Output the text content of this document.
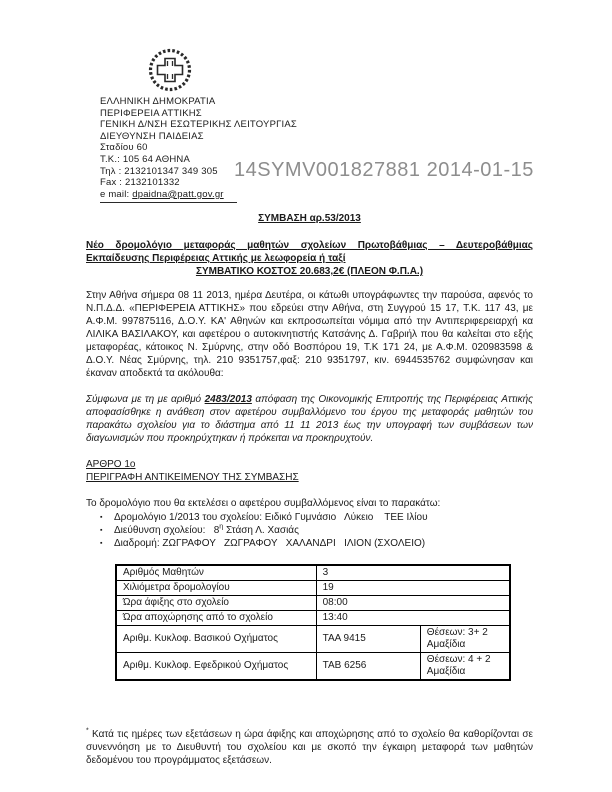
ΕΛΛΗΝΙΚΗ ΔΗΜΟΚΡΑΤΙΑ
ΠΕΡΙΦΕΡΕΙΑ ΑΤΤΙΚΗΣ
ΓΕΝΙΚΗ Δ/ΝΣΗ ΕΣΩΤΕΡΙΚΗΣ ΛΕΙΤΟΥΡΓΙΑΣ
ΔΙΕΥΘΥΝΣΗ ΠΑΙΔΕΙΑΣ
Σταδίου 60
Τ.Κ.: 105 64 ΑΘΗΝΑ
Τηλ : 2132101347 349 305
Fax : 2132101332
e mail: dpaidna@patt.gov.gr
14SYMV001827881 2014-01-15
ΣΥΜΒΑΣΗ αρ.53/2013
Νέο δρομολόγιο μεταφοράς μαθητών σχολείων Πρωτοβάθμιας – Δευτεροβάθμιας Εκπαίδευσης Περιφέρειας Αττικής με λεωφορεία ή ταξί
ΣΥΜΒΑΤΙΚΟ ΚΟΣΤΟΣ 20.683,2€ (ΠΛΕΟΝ Φ.Π.Α.)

Στην Αθήνα σήμερα 08 11 2013, ημέρα Δευτέρα, οι κάτωθι υπογράφωντες την παρούσα, αφενός το Ν.Π.Δ.Δ. «ΠΕΡΙΦΕΡΕΙΑ ΑΤΤΙΚΗΣ» που εδρεύει στην Αθήνα, στη Συγγρού 15 17, Τ.Κ. 117 43, με Α.Φ.Μ. 997875116, Δ.Ο.Υ. ΚΑ' Αθηνών και εκπροσωπείται νόμιμα από την Αντιπεριφερειαρχή κα ΛΙΛΙΚΑ ΒΑΣΙΛΑΚΟΥ, και αφετέρου ο αυτοκινητιστής Κατσάνης Δ. Γαβριήλ που θα καλείται στο εξής μεταφορέας, κάτοικος Ν. Σμύρνης, στην οδό Βοσπόρου 19, Τ.Κ 171 24, με Α.Φ.Μ. 020983598 & Δ.Ο.Υ. Νέας Σμύρνης, τηλ. 210 9351757,φαξ: 210 9351797, κιν. 6944535762 συμφώνησαν και έκαναν αποδεκτά τα ακόλουθα:

Σύμφωνα με τη με αριθμό 2483/2013 απόφαση της Οικονομικής Επιτροπής της Περιφέρειας Αττικής αποφασίσθηκε η ανάθεση στον αφετέρου συμβαλλόμενο του έργου της μεταφοράς μαθητών του παρακάτω σχολείου για το διάστημα από 11 11 2013 έως την υπογραφή των συμβάσεων των διαγωνισμών που προκηρύχτηκαν ή πρόκειται να προκηρυχτούν.

ΑΡΘΡΟ 1ο
ΠΕΡΙΓΡΑΦΗ ΑΝΤΙΚΕΙΜΕΝΟΥ ΤΗΣ ΣΥΜΒΑΣΗΣ
Το δρομολόγιο που θα εκτελέσει ο αφετέρου συμβαλλόμενος είναι το παρακάτω:
▪	Δρομολόγιο 1/2013 του σχολείου: Ειδικό Γυμνάσιο   Λύκειο    ΤΕΕ Ιλίου
▪	Διεύθυνση σχολείου:   $8^\eta$ Στάση Λ. Χασιάς
▪	Διαδρομή: ΖΩΓΡΑΦΟΥ   ΖΩΓΡΑΦΟΥ   ΧΑΛΑΝΔΡΙ   ΙΛΙΟΝ (ΣΧΟΛΕΙΟ)
Αριθμός Μαθητών	3	
Χιλιόμετρα δρομολογίου	19	
Ώρα άφιξης στο σχολείο	08:00	
Ώρα αποχώρησης από το σχολείο	13:40	
Αριθμ. Κυκλοφ. Βασικού Οχήματος	ΤΑΑ 9415	Θέσεων: 3+ 2
Αμαξίδια

Αριθμ. Κυκλοφ. Εφεδρικού Οχήματος	ΤΑΒ 6256	Θέσεων: 4 + 2
Αμαξίδια

* Κατά τις ημέρες των εξετάσεων η ώρα άφιξης και αποχώρησης από το σχολείο θα καθορίζονται σε συνεννόηση με το Διευθυντή του σχολείου και με σκοπό την έγκαιρη μεταφορά των μαθητών δεδομένου του προγράμματος εξετάσεων.
